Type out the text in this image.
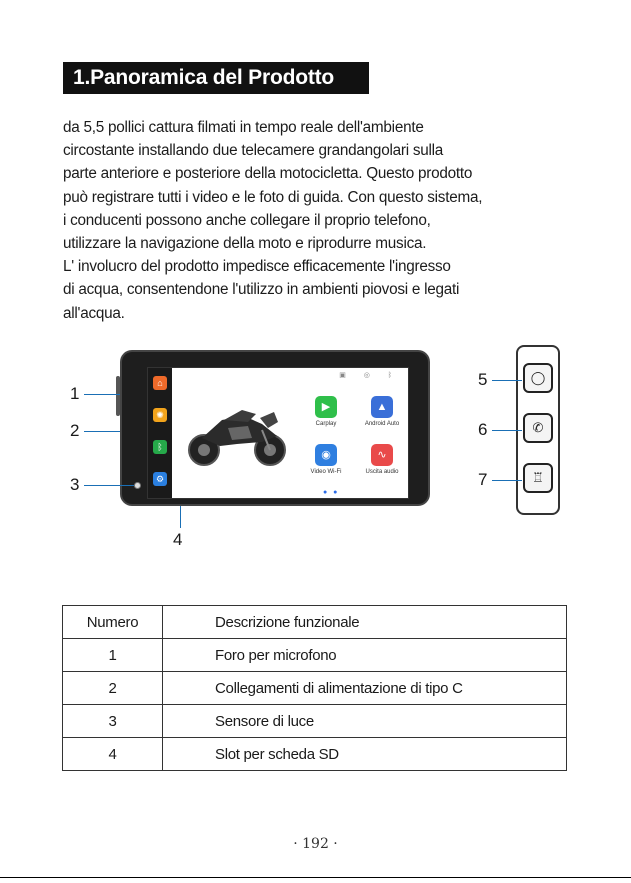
1.Panoramica del Prodotto
da 5,5 pollici cattura filmati in tempo reale dell'ambiente
circostante installando due telecamere grandangolari sulla
parte anteriore e posteriore della motocicletta. Questo prodotto
può registrare tutti i video e le foto di guida. Con questo sistema,
i conducenti possono anche collegare il proprio telefono,
utilizzare la navigazione della moto e riprodurre musica.
L' involucro del prodotto impedisce efficacemente l'ingresso
di acqua, consentendone l'utilizzo in ambienti piovosi e legati
all'acqua.
⌂
✺
ᛒ
⚙
▣ ◎ ᛒ
▶
Carplay
▲
Android Auto
◉
Video Wi-Fi
∿
Uscita audio
● ●
◯
✆
♖
1
2
3
4
5
6
7
Numero	Descrizione funzionale
1	Foro per microfono
2	Collegamenti di alimentazione di tipo C
3	Sensore di luce
4	Slot per scheda SD
· 192 ·
